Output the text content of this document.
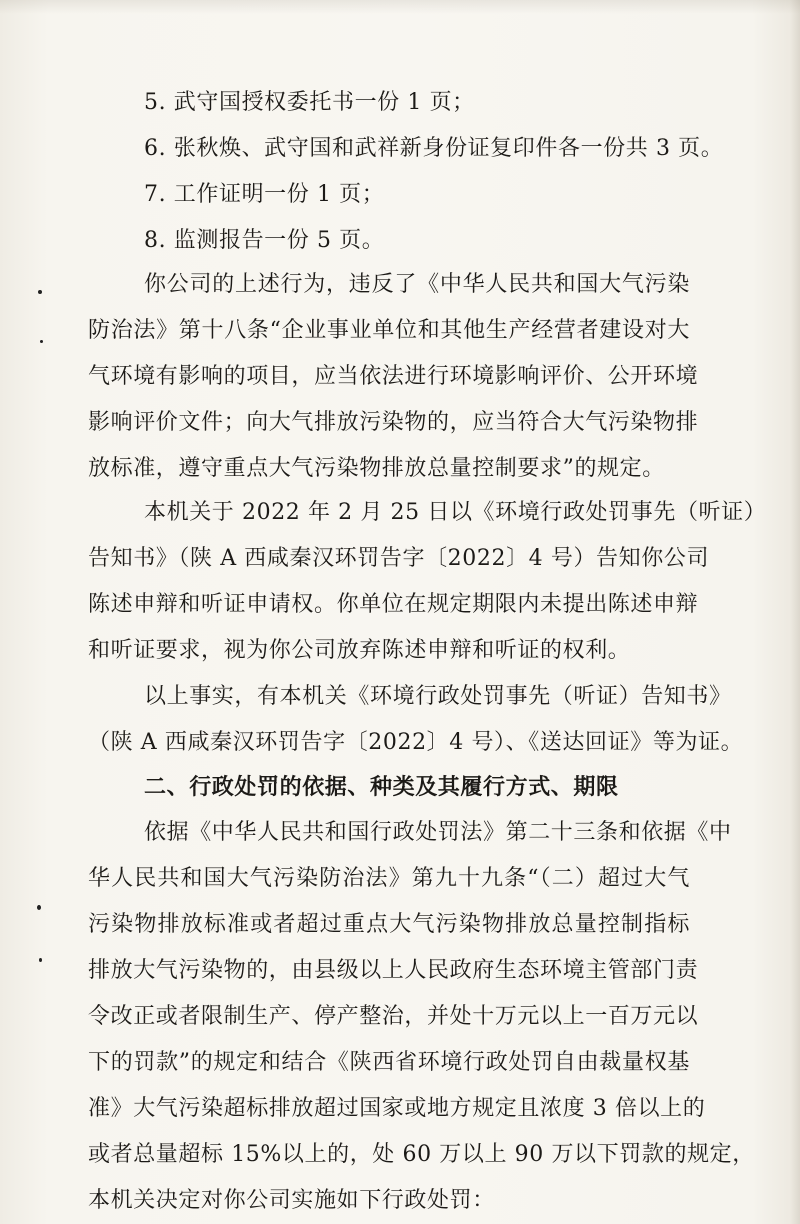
5. 武守国授权委托书一份 1 页；
6. 张秋焕、武守国和武祥新身份证复印件各一份共 3 页。
7. 工作证明一份 1 页；
8. 监测报告一份 5 页。
你公司的上述行为，违反了《中华人民共和国大气污染
防治法》第十八条“企业事业单位和其他生产经营者建设对大
气环境有影响的项目，应当依法进行环境影响评价、公开环境
影响评价文件；向大气排放污染物的，应当符合大气污染物排
放标准，遵守重点大气污染物排放总量控制要求”的规定。
本机关于 2022 年 2 月 25 日以《环境行政处罚事先（听证）
告知书》（陕 A 西咸秦汉环罚告字〔2022〕4 号）告知你公司
陈述申辩和听证申请权。你单位在规定期限内未提出陈述申辩
和听证要求，视为你公司放弃陈述申辩和听证的权利。
以上事实，有本机关《环境行政处罚事先（听证）告知书》
（陕 A 西咸秦汉环罚告字〔2022〕4 号）、《送达回证》等为证。
二、行政处罚的依据、种类及其履行方式、期限
依据《中华人民共和国行政处罚法》第二十三条和依据《中
华人民共和国大气污染防治法》第九十九条“（二）超过大气
污染物排放标准或者超过重点大气污染物排放总量控制指标
排放大气污染物的，由县级以上人民政府生态环境主管部门责
令改正或者限制生产、停产整治，并处十万元以上一百万元以
下的罚款”的规定和结合《陕西省环境行政处罚自由裁量权基
准》大气污染超标排放超过国家或地方规定且浓度 3 倍以上的
或者总量超标 15%以上的，处 60 万以上 90 万以下罚款的规定，
本机关决定对你公司实施如下行政处罚：
